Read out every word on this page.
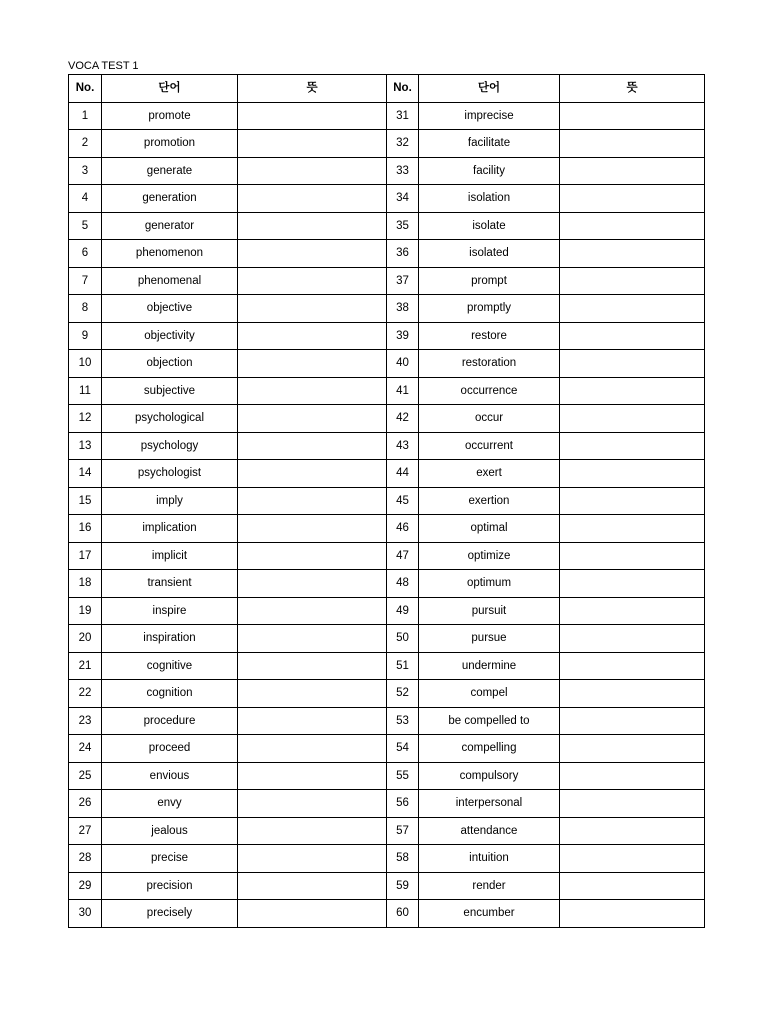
VOCA TEST 1
No.	단어	뜻	No.	단어	뜻
1	promote		31	imprecise	
2	promotion		32	facilitate	
3	generate		33	facility	
4	generation		34	isolation	
5	generator		35	isolate	
6	phenomenon		36	isolated	
7	phenomenal		37	prompt	
8	objective		38	promptly	
9	objectivity		39	restore	
10	objection		40	restoration	
11	subjective		41	occurrence	
12	psychological		42	occur	
13	psychology		43	occurrent	
14	psychologist		44	exert	
15	imply		45	exertion	
16	implication		46	optimal	
17	implicit		47	optimize	
18	transient		48	optimum	
19	inspire		49	pursuit	
20	inspiration		50	pursue	
21	cognitive		51	undermine	
22	cognition		52	compel	
23	procedure		53	be compelled to	
24	proceed		54	compelling	
25	envious		55	compulsory	
26	envy		56	interpersonal	
27	jealous		57	attendance	
28	precise		58	intuition	
29	precision		59	render	
30	precisely		60	encumber	
